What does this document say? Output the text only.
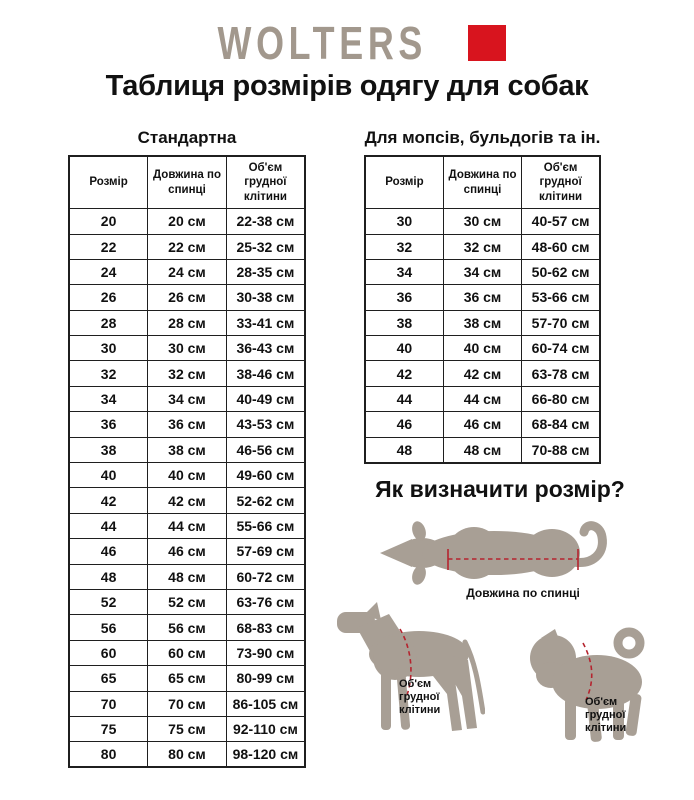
WOLTERS
Таблиця розмірів одягу для собак
Стандартна
Розмір	Довжина по спинці	Об'єм грудної клітини
20	20 см	22-38 см
22	22 см	25-32 см
24	24 см	28-35 см
26	26 см	30-38 см
28	28 см	33-41 см
30	30 см	36-43 см
32	32 см	38-46 см
34	34 см	40-49 см
36	36 см	43-53 см
38	38 см	46-56 см
40	40 см	49-60 см
42	42 см	52-62 см
44	44 см	55-66 см
46	46 см	57-69 см
48	48 см	60-72 см
52	52 см	63-76 см
56	56 см	68-83 см
60	60 см	73-90 см
65	65 см	80-99 см
70	70 см	86-105 см
75	75 см	92-110 см
80	80 см	98-120 см
Для мопсів, бульдогів та ін.
Розмір	Довжина по спинці	Об'єм грудної клітини
30	30 см	40-57 см
32	32 см	48-60 см
34	34 см	50-62 см
36	36 см	53-66 см
38	38 см	57-70 см
40	40 см	60-74 см
42	42 см	63-78 см
44	44 см	66-80 см
46	46 см	68-84 см
48	48 см	70-88 см
Як визначити розмір?
Довжина по спинці
Об'єм грудної клітини
Об'єм грудної клітини
